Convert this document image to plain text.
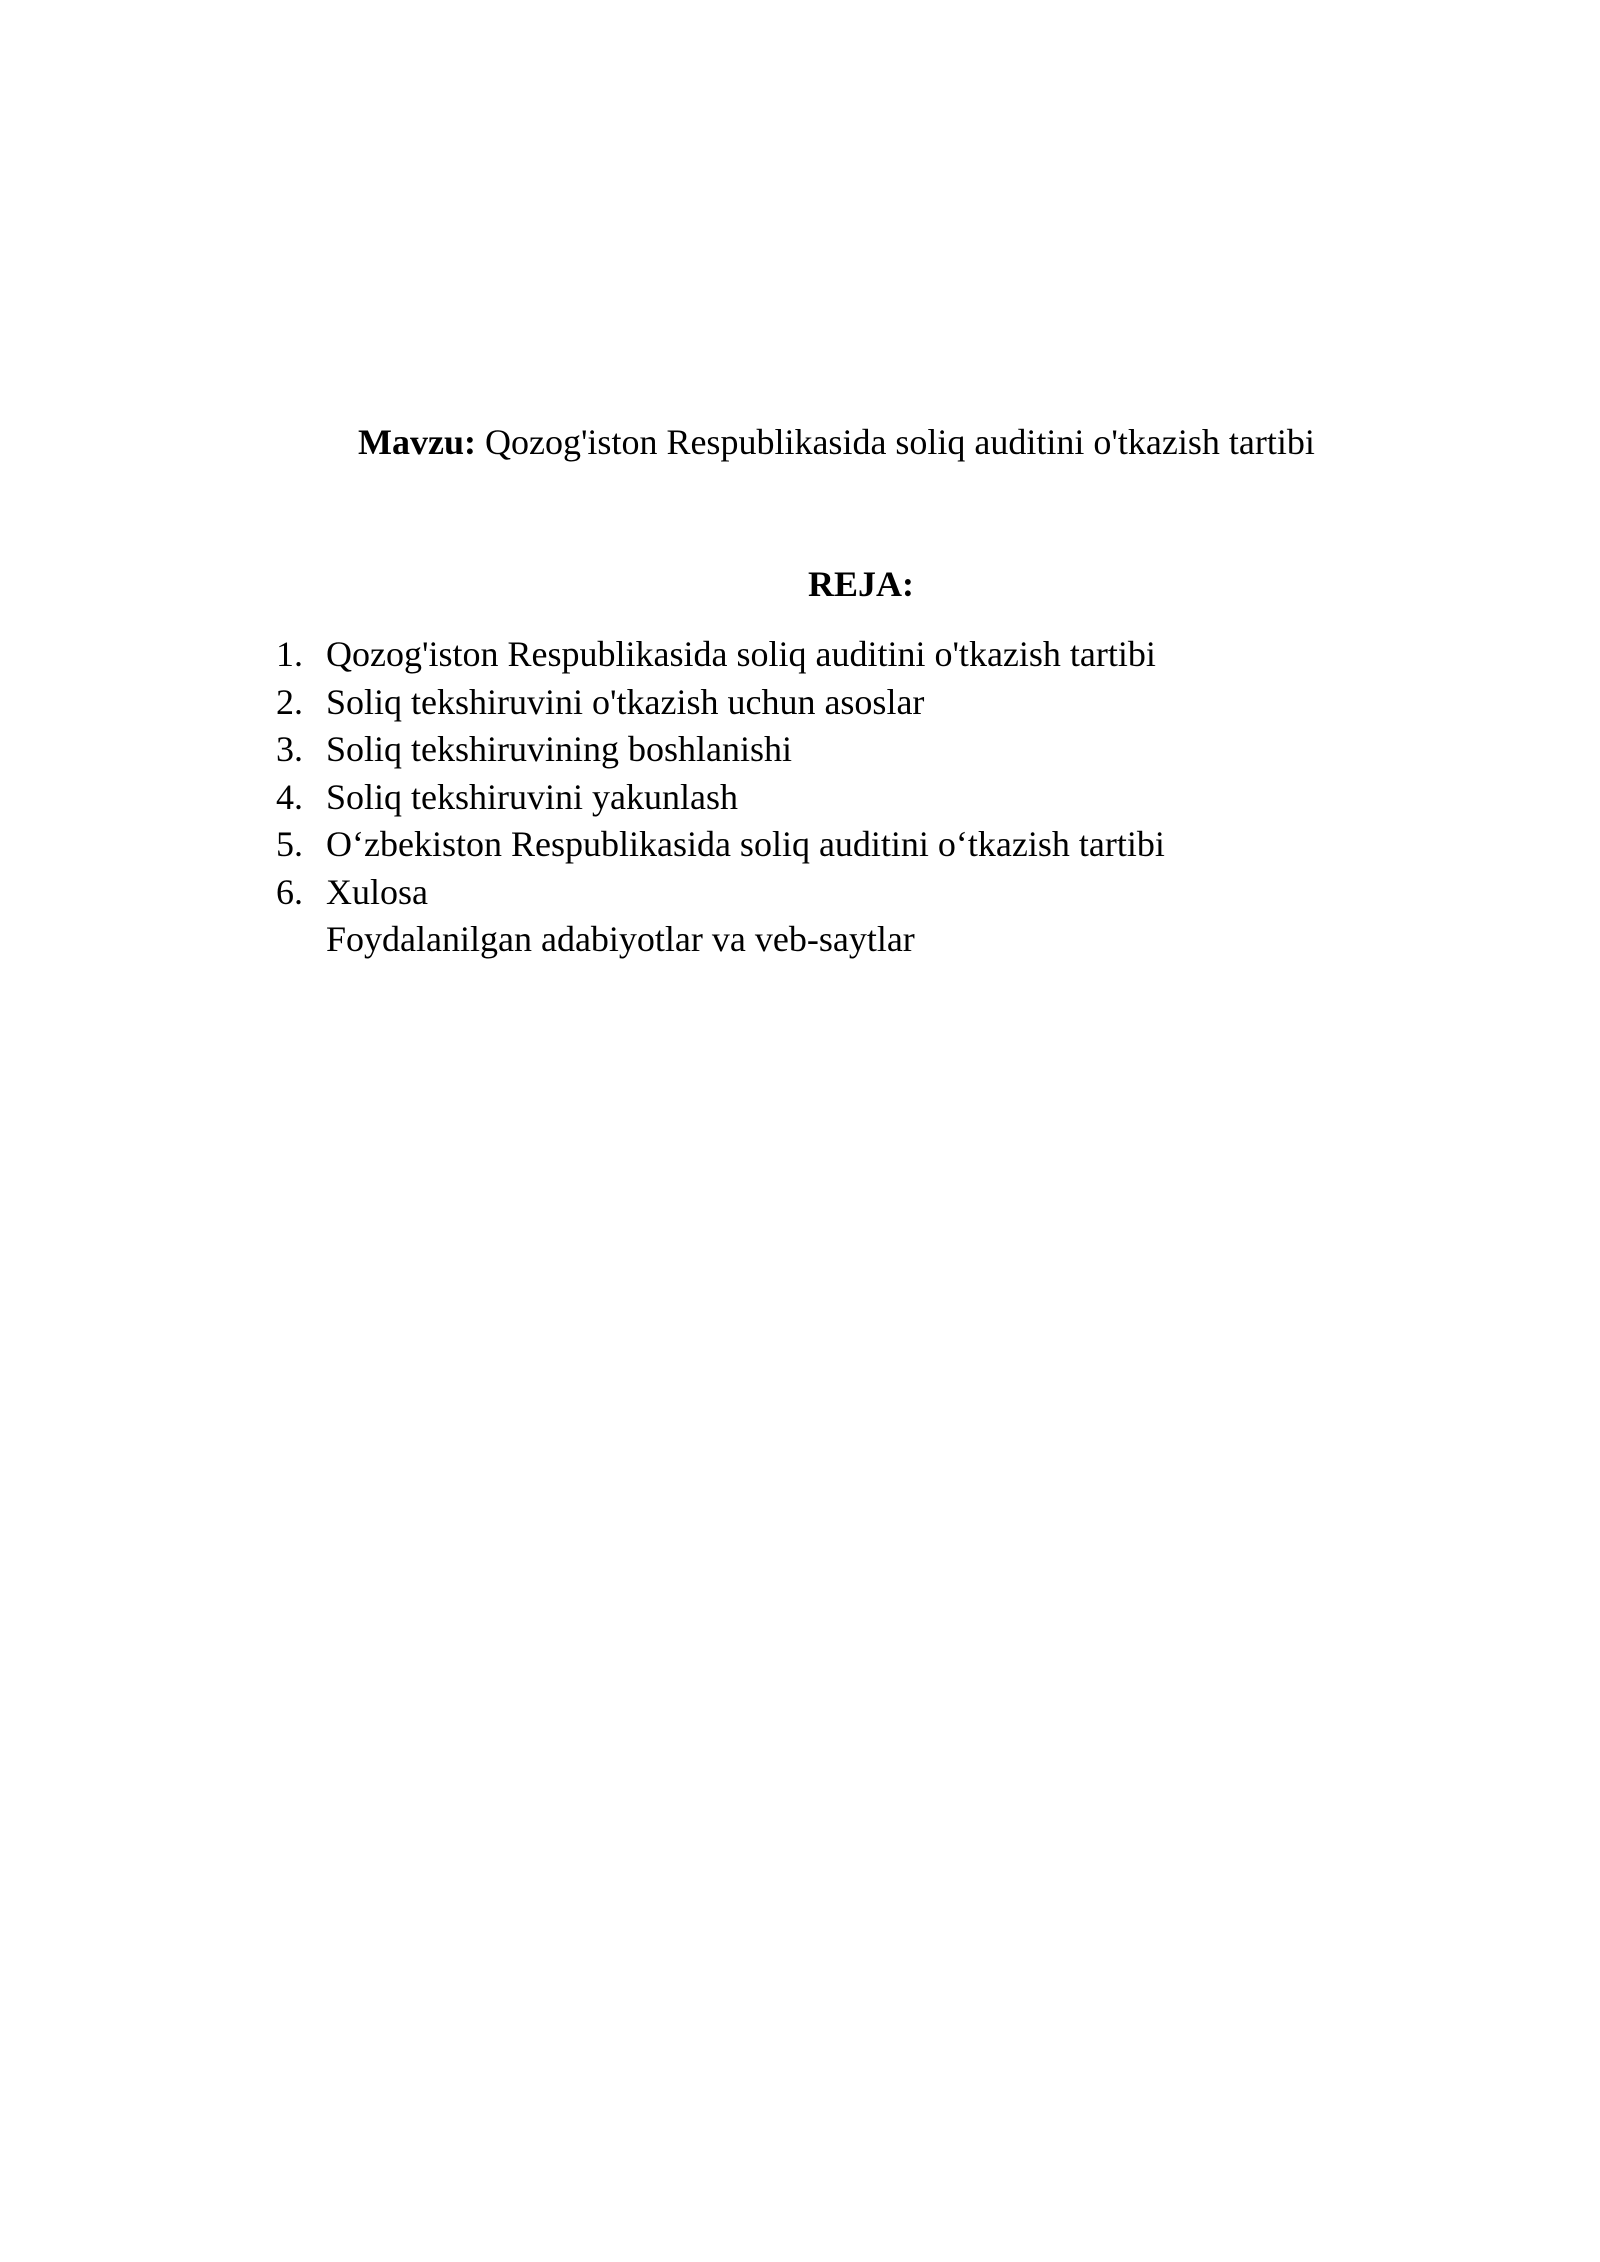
Mavzu: Qozog'iston Respublikasida soliq auditini o'tkazish tartibi
REJA:
1. Qozog'iston Respublikasida soliq auditini o'tkazish tartibi
2. Soliq tekshiruvini o'tkazish uchun asoslar
3. Soliq tekshiruvining boshlanishi
4. Soliq tekshiruvini yakunlash
5. O‘zbekiston Respublikasida soliq auditini o‘tkazish tartibi
6. Xulosa
Foydalanilgan adabiyotlar va veb-saytlar
